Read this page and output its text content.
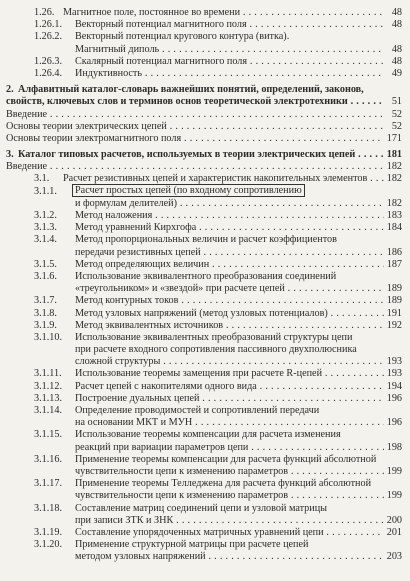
1.26. Магнитное поле, постоянное во времени . . .	48
1.26.1. Векторный потенциал магнитного поля . . .	48
1.26.2. Векторный потенциал кругового контура (витка).
Магнитный диполь . . .	48
1.26.3. Скалярный потенциал магнитного поля . . .	48
1.26.4. Индуктивность . . .	49
2. Алфавитный каталог-словарь важнейших понятий, определений, законов,
свойств, ключевых слов и терминов основ теоретической электротехники . . .	51
Введение . . .	52
Основы теории электрических цепей . . .	52
Основы теории электромагнитного поля . . .	171
3. Каталог типовых расчетов, используемых в теории электрических цепей . . .	181
Введение . . .	182
3.1. Расчет резистивных цепей и характеристик накопительных элементов . . .	182
3.1.1. Расчет простых цепей (по входному сопротивлению
и формулам делителей) . . .	182
3.1.2. Метод наложения . . .	183
3.1.3. Метод уравнений Кирхгофа . . .	184
3.1.4. Метод пропорциональных величин и расчет коэффициентов
передачи резистивных цепей . . .	186
3.1.5. Метод определяющих величин . . .	187
3.1.6. Использование эквивалентного преобразования соединений
«треугольником» и «звездой» при расчете цепей . . .	189
3.1.7. Метод контурных токов . . .	189
3.1.8. Метод узловых напряжений (метод узловых потенциалов) . . .	191
3.1.9. Метод эквивалентных источников . . .	192
3.1.10. Использование эквивалентных преобразований структуры цепи
при расчете входного сопротивления пассивного двухполюсника
сложной структуры . . .	193
3.1.11. Использование теоремы замещения при расчете R-цепей . . .	193
3.1.12. Расчет цепей с накопителями одного вида . . .	194
3.1.13. Построение дуальных цепей . . .	196
3.1.14. Определение проводимостей и сопротивлений передачи
на основании МКТ и МУН . . .	196
3.1.15. Использование теоремы компенсации для расчета изменения
реакций при вариации параметров цепи . . .	198
3.1.16. Применение теоремы компенсации для расчета функций абсолютной
чувствительности цепи к изменению параметров . . .	199
3.1.17. Применение теоремы Телледжена для расчета функций абсолютной
чувствительности цепи к изменению параметров . . .	199
3.1.18. Составление матриц соединений цепи и узловой матрицы
при записи ЗТК и ЗНК . . .	200
3.1.19. Составление упорядоченных матричных уравнений цепи . . .	201
3.1.20. Применение структурной матрицы при расчете цепей
методом узловых напряжений . . .	203
